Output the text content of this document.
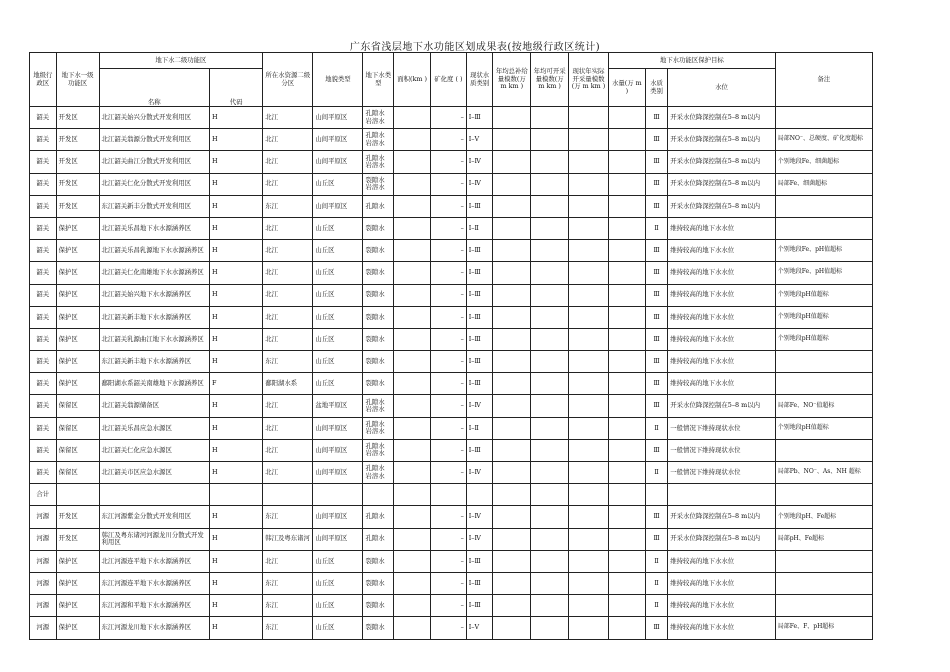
广东省浅层地下水功能区划成果表(按地级行政区统计)
地级行政区	地下水一级功能区	地下水二级功能区		所在水资源二级分区	地貌类型	地下水类型	面积(km )	矿化度 ( )	现状水质类别	年均总补给量模数(万 m km )	年均可开采量模数(万 m km )	现状年实际开采量模数(万 m km )	地下水功能区保护目标			备注
		名称	代码										水量(万 m )	水质类别	水位	
韶关	开发区	北江韶关始兴分散式开发利用区	H	北江	山间平原区	孔隙水 岩溶水		–	Ⅰ–Ⅲ					Ⅲ	开采水位降深控制在5–8 m以内	
韶关	开发区	北江韶关翁源分散式开发利用区	H	北江	山间平原区	孔隙水 岩溶水		–	Ⅰ–Ⅴ					Ⅲ	开采水位降深控制在5–8 m以内	局部NO⁻、总硬度、矿化度超标
韶关	开发区	北江韶关曲江分散式开发利用区	H	北江	山间平原区	孔隙水 岩溶水		–	Ⅰ–Ⅳ					Ⅲ	开采水位降深控制在5–8 m以内	个别地段Fe、细菌超标
韶关	开发区	北江韶关仁化分散式开发利用区	H	北江	山丘区	裂隙水 岩溶水		–	Ⅰ–Ⅳ					Ⅲ	开采水位降深控制在5–8 m以内	局部Fe、细菌超标
韶关	开发区	东江韶关新丰分散式开发利用区	H	东江	山间平原区	孔隙水		–	Ⅰ–Ⅲ					Ⅲ	开采水位降深控制在5–8 m以内	
韶关	保护区	北江韶关乐昌地下水水源涵养区	H	北江	山丘区	裂隙水		–	Ⅰ–Ⅱ					Ⅱ	维持较高的地下水水位	
韶关	保护区	北江韶关乐昌乳源地下水水源涵养区	H	北江	山丘区	裂隙水		–	Ⅰ–Ⅲ					Ⅲ	维持较高的地下水水位	个别地段Fe、pH值超标
韶关	保护区	北江韶关仁化南雄地下水水源涵养区	H	北江	山丘区	裂隙水		–	Ⅰ–Ⅲ					Ⅲ	维持较高的地下水水位	个别地段Fe、pH值超标
韶关	保护区	北江韶关始兴地下水水源涵养区	H	北江	山丘区	裂隙水		–	Ⅰ–Ⅲ					Ⅲ	维持较高的地下水水位	个别地段pH值超标
韶关	保护区	北江韶关新丰地下水水源涵养区	H	北江	山丘区	裂隙水		–	Ⅰ–Ⅲ					Ⅲ	维持较高的地下水水位	个别地段pH值超标
韶关	保护区	北江韶关乳源曲江地下水水源涵养区	H	北江	山丘区	裂隙水		–	Ⅰ–Ⅲ					Ⅲ	维持较高的地下水水位	个别地段pH值超标
韶关	保护区	东江韶关新丰地下水水源涵养区	H	东江	山丘区	裂隙水		–	Ⅰ–Ⅲ					Ⅲ	维持较高的地下水水位	
韶关	保护区	鄱阳湖水系韶关南雄地下水源涵养区	F	鄱阳湖水系	山丘区	裂隙水		–	Ⅰ–Ⅲ					Ⅲ	维持较高的地下水水位	
韶关	保留区	北江韶关翁源储备区	H	北江	盆地平原区	孔隙水 岩溶水		–	Ⅰ–Ⅳ					Ⅲ	开采水位降深控制在5–8 m以内	局部Fe、NO⁻值超标
韶关	保留区	北江韶关乐昌应急水源区	H	北江	山间平原区	孔隙水 岩溶水		–	Ⅰ–Ⅱ					Ⅱ	一般情况下维持现状水位	个别地段pH值超标
韶关	保留区	北江韶关仁化应急水源区	H	北江	山间平原区	孔隙水 岩溶水		–	Ⅰ–Ⅲ					Ⅲ	一般情况下维持现状水位	
韶关	保留区	北江韶关市区应急水源区	H	北江	山间平原区	孔隙水 岩溶水		–	Ⅰ–Ⅳ					Ⅱ	一般情况下维持现状水位	局部Pb、NO⁻、As、NH 超标
合计																
河源	开发区	东江河源紫金分散式开发利用区	H	东江	山间平原区	孔隙水		–	Ⅰ–Ⅳ					Ⅲ	开采水位降深控制在5–8 m以内	个别地段pH、Fe超标
河源	开发区	韩江及粤东诸河河源龙川分散式开发利用区	H	韩江及粤东诸河	山间平原区	孔隙水		–	Ⅰ–Ⅳ					Ⅲ	开采水位降深控制在5–8 m以内	局部pH、Fe超标
河源	保护区	北江河源连平地下水水源涵养区	H	北江	山丘区	裂隙水		–	Ⅰ–Ⅲ					Ⅱ	维持较高的地下水水位	
河源	保护区	东江河源连平地下水水源涵养区	H	东江	山丘区	裂隙水		–	Ⅰ–Ⅲ					Ⅱ	维持较高的地下水水位	
河源	保护区	东江河源和平地下水水源涵养区	H	东江	山丘区	裂隙水		–	Ⅰ–Ⅲ					Ⅱ	维持较高的地下水水位	
河源	保护区	东江河源龙川地下水水源涵养区	H	东江	山丘区	裂隙水		–	Ⅰ–Ⅴ					Ⅲ	维持较高的地下水水位	局部Fe、F、pH超标
